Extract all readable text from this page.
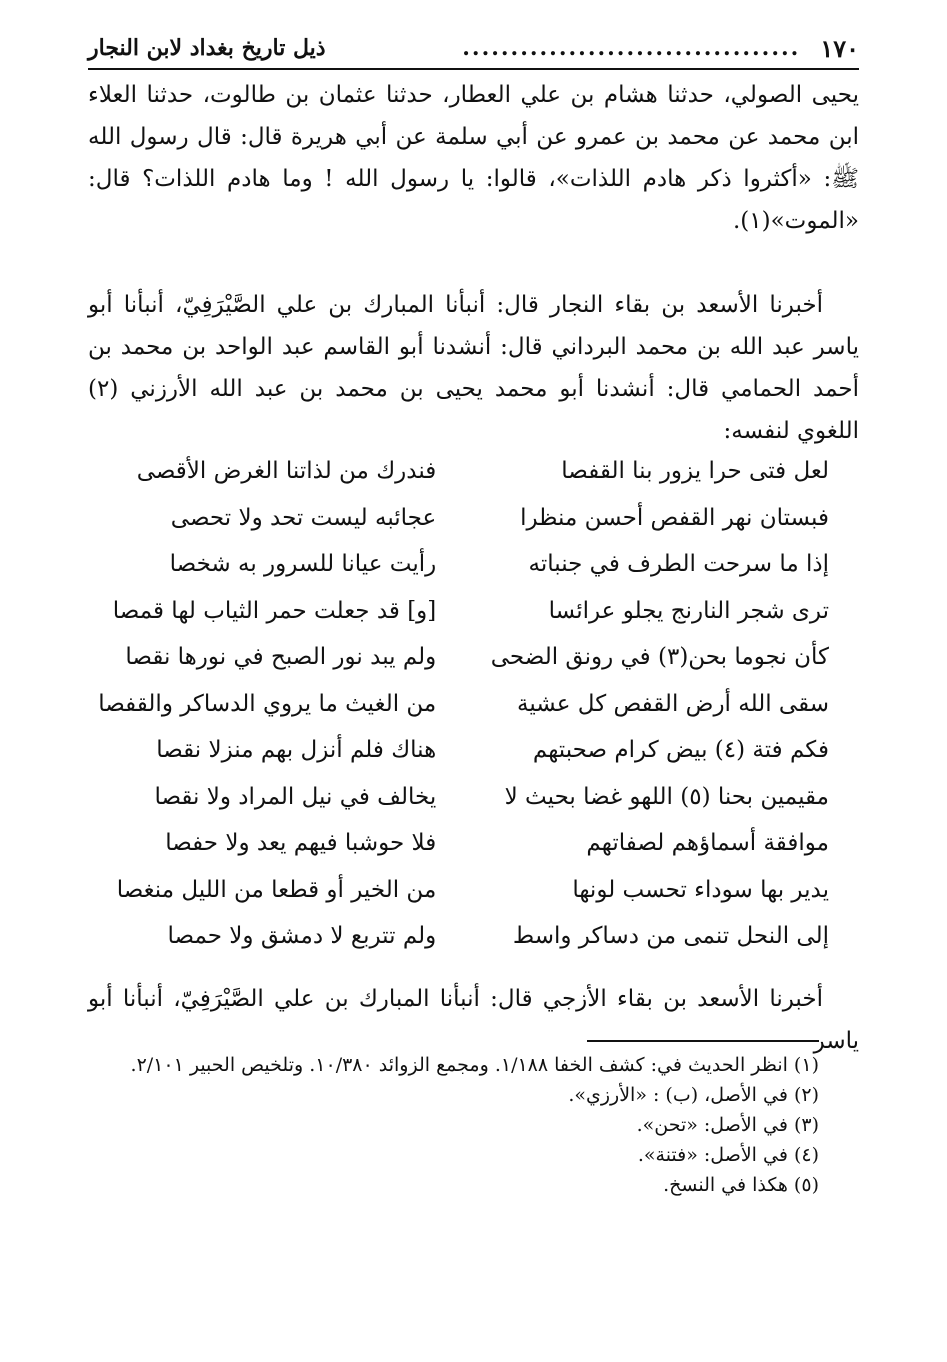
١٧٠
...................................
ذيل تاريخ بغداد لابن النجار
يحيى الصولي، حدثنا هشام بن علي العطار، حدثنا عثمان بن طالوت، حدثنا العلاء ابن محمد عن محمد بن عمرو عن أبي سلمة عن أبي هريرة قال: قال رسول الله ﷺ: «أكثروا ذكر هادم اللذات»، قالوا: يا رسول الله ! وما هادم اللذات؟ قال: «الموت»(١).
أخبرنا الأسعد بن بقاء النجار قال: أنبأنا المبارك بن علي الصَّيْرَفِيّ، أنبأنا أبو ياسر عبد الله بن محمد البرداني قال: أنشدنا أبو القاسم عبد الواحد بن محمد بن أحمد الحمامي قال: أنشدنا أبو محمد يحيى بن محمد بن عبد الله الأرزني (٢) اللغوي لنفسه:
لعل فتى حرا يزور بنا القفصا
فندرك من لذاتنا الغرض الأقصى
فبستان نهر القفص أحسن منظرا
عجائبه ليست تحد ولا تحصى
إذا ما سرحت الطرف في جنباته
رأيت عيانا للسرور به شخصا
ترى شجر النارنج يجلو عرائسا
[و] قد جعلت حمر الثياب لها قمصا
كأن نجوما بحن(٣) في رونق الضحى
ولم يبد نور الصبح في نورها نقصا
سقى الله أرض القفص كل عشية
من الغيث ما يروي الدساكر والقفصا
فكم فتة (٤) بيض كرام صحبتهم
هناك فلم أنزل بهم منزلا نقصا
مقيمين بحنا (٥) اللهو غضا بحيث لا
يخالف في نيل المراد ولا نقصا
موافقة أسماؤهم لصفاتهم
فلا حوشبا فيهم يعد ولا حفصا
يدير بها سوداء تحسب لونها
من الخير أو قطعا من الليل منغصا
إلى النحل تنمى من دساكر واسط
ولم تتربع لا دمشق ولا حمصا
أخبرنا الأسعد بن بقاء الأزجي قال: أنبأنا المبارك بن علي الصَّيْرَفِيّ، أنبأنا أبو ياسر
(١) انظر الحديث في: كشف الخفا ١/١٨٨. ومجمع الزوائد ١٠/٣٨٠. وتلخيص الحبير ٢/١٠١.
(٢) في الأصل، (ب) : «الأرزي».
(٣) في الأصل: «تحن».
(٤) في الأصل: «فتنة».
(٥) هكذا في النسخ.
